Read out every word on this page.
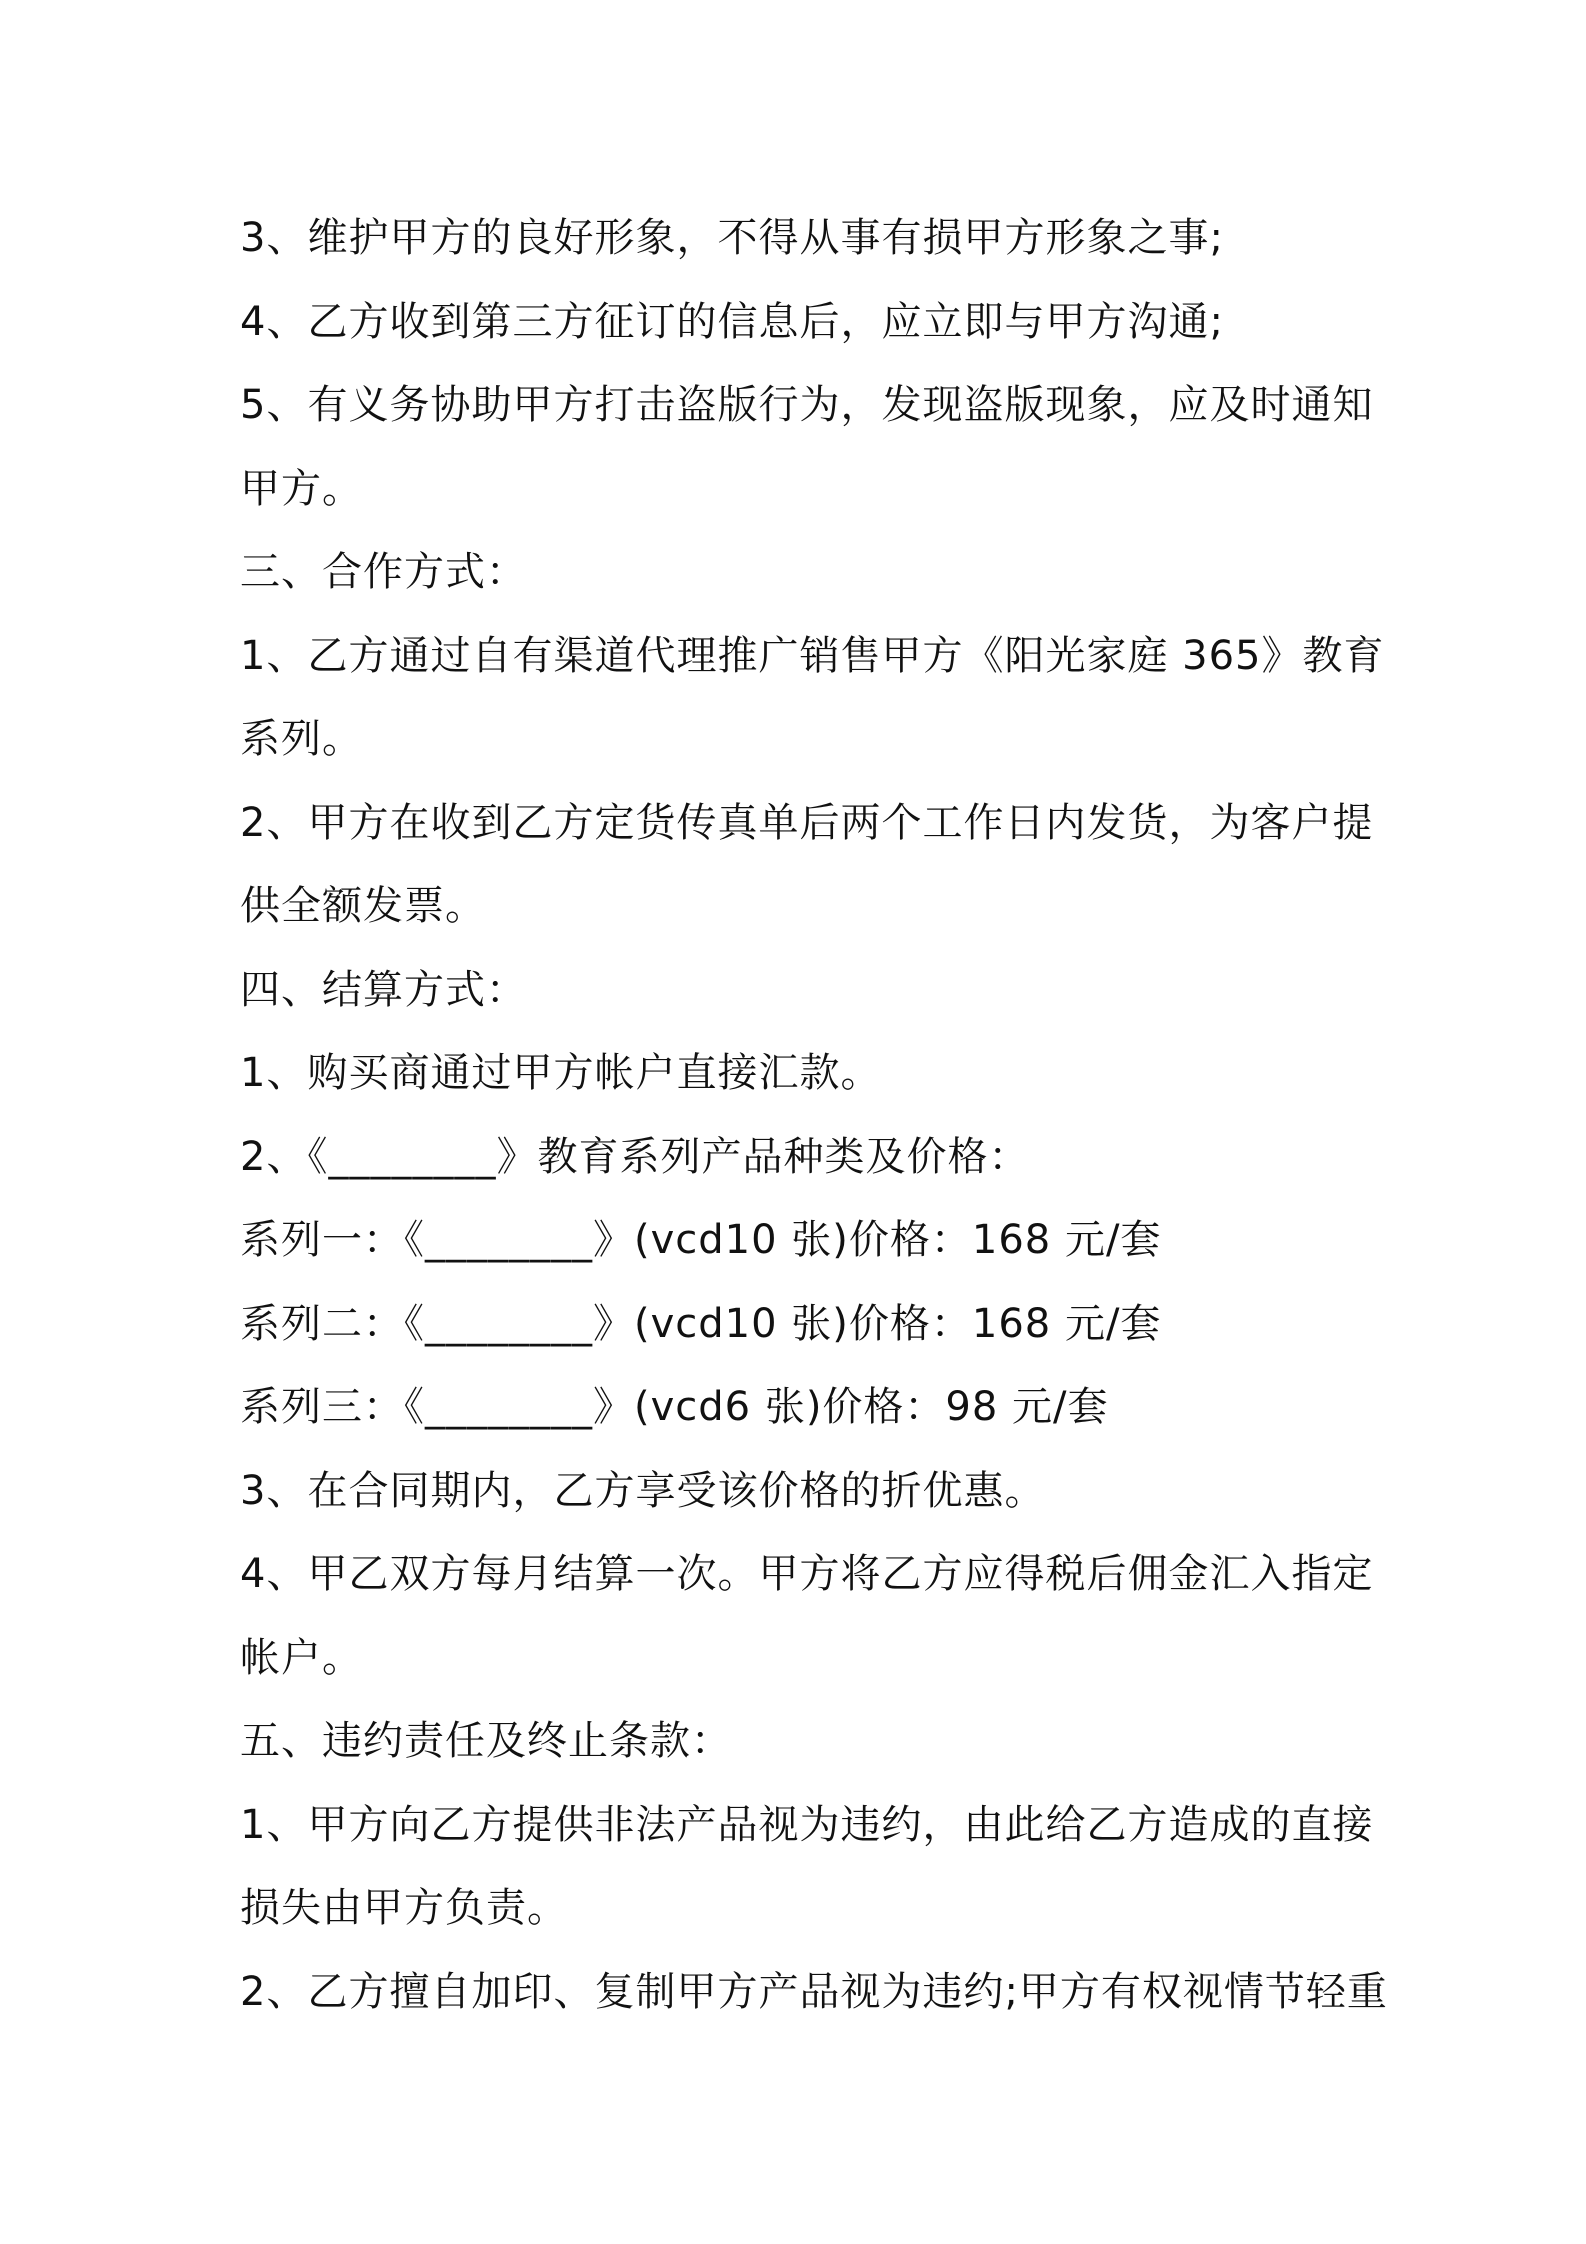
3、维护甲方的良好形象，不得从事有损甲方形象之事;
4、乙方收到第三方征订的信息后，应立即与甲方沟通;
5、有义务协助甲方打击盗版行为，发现盗版现象，应及时通知
甲方。
三、合作方式：
1、乙方通过自有渠道代理推广销售甲方《阳光家庭 365》教育
系列。
2、甲方在收到乙方定货传真单后两个工作日内发货，为客户提
供全额发票。
四、结算方式：
1、购买商通过甲方帐户直接汇款。
2、《________》教育系列产品种类及价格：
系列一：《________》(vcd10 张)价格：168 元/套
系列二：《________》(vcd10 张)价格：168 元/套
系列三：《________》(vcd6 张)价格：98 元/套
3、在合同期内，乙方享受该价格的折优惠。
4、甲乙双方每月结算一次。甲方将乙方应得税后佣金汇入指定
帐户。
五、违约责任及终止条款：
1、甲方向乙方提供非法产品视为违约，由此给乙方造成的直接
损失由甲方负责。
2、乙方擅自加印、复制甲方产品视为违约;甲方有权视情节轻重
